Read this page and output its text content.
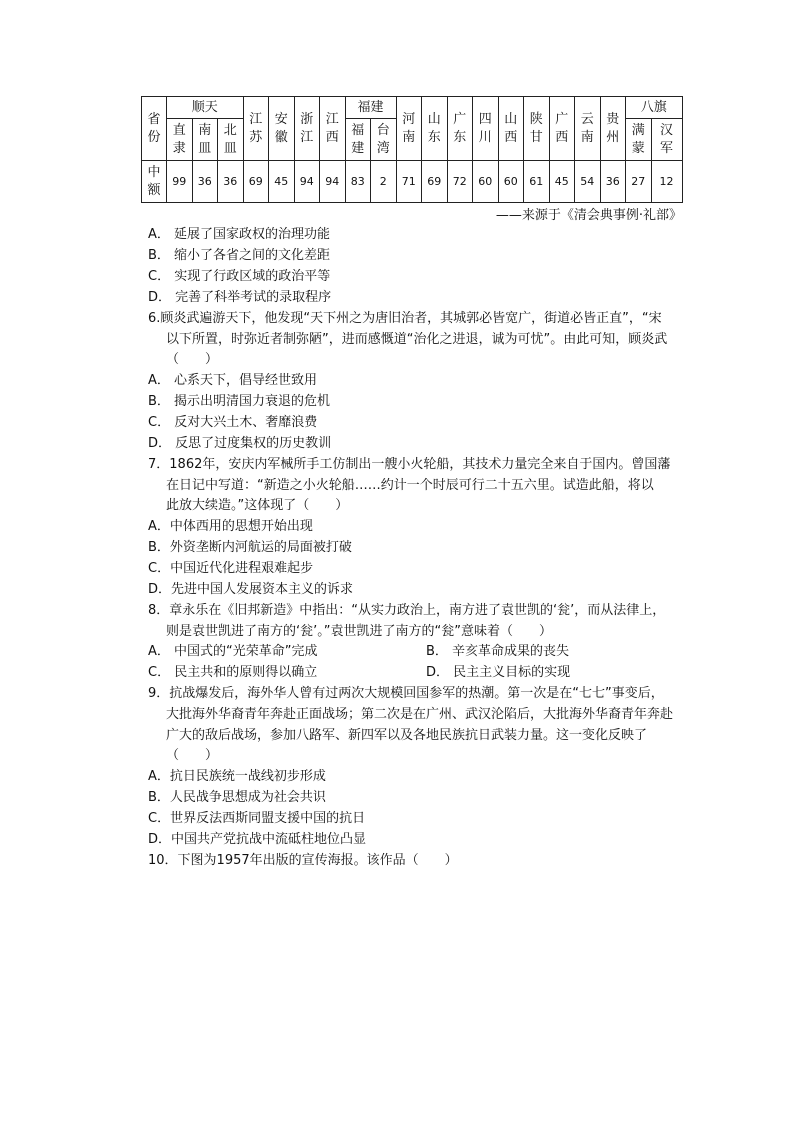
省份	顺天			江苏	安徽	浙江	江西	福建		河南	山东	广东	四川	山西	陕甘	广西	云南	贵州	八旗	
	直隶	南皿	北皿					福建	台湾										满蒙	汉军
中额	99	36	36	69	45	94	94	83	2	71	69	72	60	60	61	45	54	36	27	12
——来源于《清会典事例·礼部》
A． 延展了国家政权的治理功能
B． 缩小了各省之间的文化差距
C． 实现了行政区域的政治平等
D． 完善了科举考试的录取程序
6.顾炎武遍游天下，他发现“天下州之为唐旧治者，其城郭必皆宽广，街道必皆正直”，“宋
以下所置，时弥近者制弥陋”，进而感慨道“治化之进退，诚为可忧”。由此可知，顾炎武
（　　）
A． 心系天下，倡导经世致用
B． 揭示出明清国力衰退的危机
C． 反对大兴土木、奢靡浪费
D． 反思了过度集权的历史教训
7．1862年，安庆内军械所手工仿制出一艘小火轮船，其技术力量完全来自于国内。曾国藩
在日记中写道：“新造之小火轮船……约计一个时辰可行二十五六里。试造此船，将以
此放大续造。”这体现了（　　）
A．中体西用的思想开始出现
B．外资垄断内河航运的局面被打破
C．中国近代化进程艰难起步
D．先进中国人发展资本主义的诉求
8．章永乐在《旧邦新造》中指出：“从实力政治上，南方进了袁世凯的‘瓮’，而从法律上，
则是袁世凯进了南方的‘瓮’。”袁世凯进了南方的“瓮”意味着（　　）
A． 中国式的“光荣革命”完成	B． 辛亥革命成果的丧失
C． 民主共和的原则得以确立	D． 民主主义目标的实现
9．抗战爆发后，海外华人曾有过两次大规模回国参军的热潮。第一次是在“七七”事变后，
大批海外华裔青年奔赴正面战场；第二次是在广州、武汉沦陷后，大批海外华裔青年奔赴
广大的敌后战场，参加八路军、新四军以及各地民族抗日武装力量。这一变化反映了
（　　）
A．抗日民族统一战线初步形成
B．人民战争思想成为社会共识
C．世界反法西斯同盟支援中国的抗日
D．中国共产党抗战中流砥柱地位凸显
10．下图为1957年出版的宣传海报。该作品（　　）
